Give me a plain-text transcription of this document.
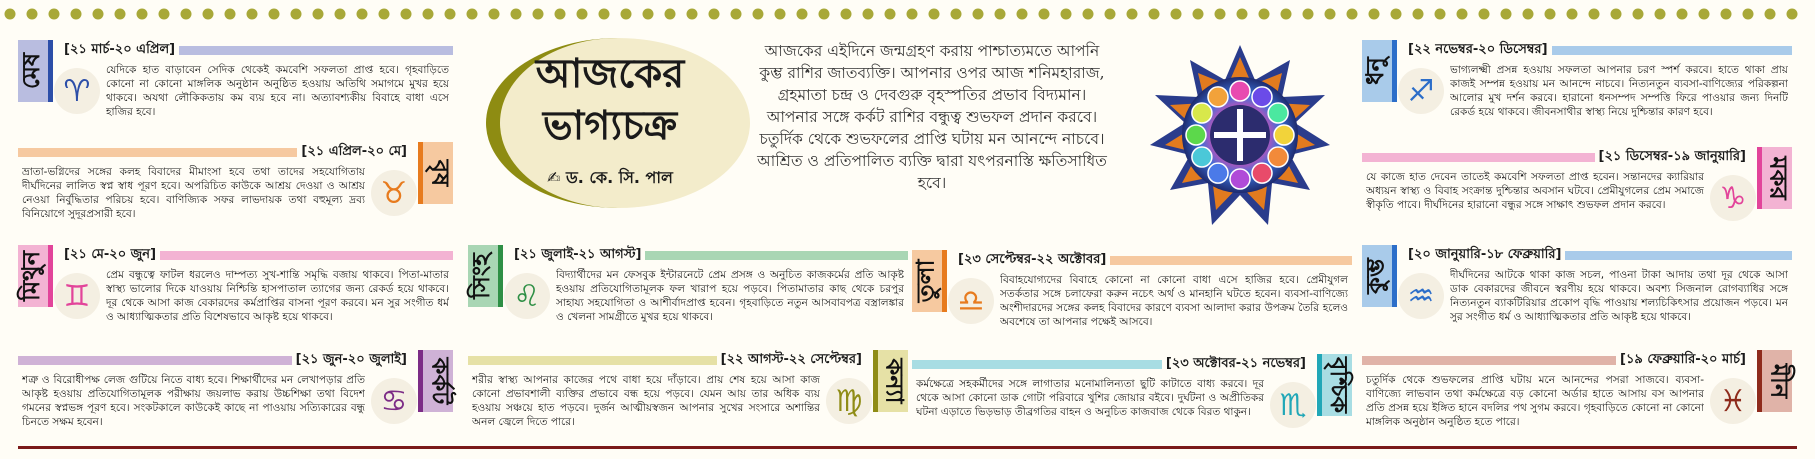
আজকের ভাগ্যচক্র
✍ ড. কে. সি. পাল
আজকের এইদিনে জন্মগ্রহণ করায় পাশ্চাত্যমতে আপনি কুম্ভ রাশির জাতব্যক্তি। আপনার ওপর আজ শনিমহারাজ, গ্রহমাতা চন্দ্র ও দেবগুরু বৃহস্পতির প্রভাব বিদ্যমান। আপনার সঙ্গে কর্কট রাশির বন্ধুত্ব শুভফল প্রদান করবে। চতুর্দিক থেকে শুভফলের প্রাপ্তি ঘটায় মন আনন্দে নাচবে। আশ্রিত ও প্রতিপালিত ব্যক্তি দ্বারা যৎপরনাস্তি ক্ষতিসাধিত হবে।
মেষ
[২১ মার্চ-২০ এপ্রিল]
♈
যেদিকে হাত বাড়াবেন সেদিক থেকেই কমবেশি সফলতা প্রাপ্ত হবে। গৃহবাড়িতে কোনো না কোনো মাঙ্গলিক অনুষ্ঠান অনুষ্ঠিত হওয়ায় অতিথি সমাগমে মুখর হয়ে থাকবে। অযথা লৌকিকতায় কম ব্যয় হবে না। অত্যাবশ্যকীয় বিবাহে বাধা এসে হাজির হবে।
বৃষ
[২১ এপ্রিল-২০ মে]
♉
ভ্রাতা-ভগ্নিদের সঙ্গের কলহ বিবাদের মীমাংসা হবে তথা তাদের সহযোগিতায় দীর্ঘদিনের লালিত স্বপ্ন স্বাধ পূরণ হবে। অপরিচিত কাউকে আশ্রয় দেওয়া ও আশ্রয় নেওয়া নির্বুদ্ধিতার পরিচয় হবে। বাণিজ্যিক সফর লাভদায়ক তথা বহুমূল্য দ্রব্য বিনিয়োগে সুদূরপ্রসারী হবে।
মিথুন	[২১ মে-২০ জুন]
♊
প্রেম বন্ধুত্বে ফাটল ধরলেও দাম্পত্য সুখ-শান্তি সমৃদ্ধি বজায় থাকবে। পিতা-মাতার স্বাস্থ্য ভালোর দিকে যাওয়ায় নিশ্চিন্তি হাসপাতাল ত্যাগের জন্য রেকর্ড হয়ে থাকবে। দূর থেকে আসা কাজ বেকারদের কর্মপ্রাপ্তির বাসনা পূরণ করবে। মন সুর সংগীত ধর্ম ও আধ্যাত্মিকতার প্রতি বিশেষভাবে আকৃষ্ট হয়ে থাকবে।
কর্কট
[২১ জুন-২০ জুলাই]
♋
শত্রু ও বিরোধীপক্ষ লেজ গুটিয়ে নিতে বাধ্য হবে। শিক্ষার্থীদের মন লেখাপড়ার প্রতি আকৃষ্ট হওয়ায় প্রতিযোগিতামূলক পরীক্ষায় জয়লাভ করায় উচ্চশিক্ষা তথা বিদেশ গমনের স্বপ্নভঙ্গ পূরণ হবে। সংকটকালে কাউকেই কাছে না পাওয়ায় সত্যিকারের বন্ধু চিনতে সক্ষম হবেন।
সিংহ	[২১ জুলাই-২১ আগস্ট]
♌
বিদ্যার্থীদের মন ফেসবুক ইন্টারনেটে প্রেম প্রসঙ্গ ও অনুচিত কাজকর্মের প্রতি আকৃষ্ট হওয়ায় প্রতিযোগিতামূলক ফল খারাপ হয়ে পড়বে। পিতামাতার কাছ থেকে চরপুর সাহায্য সহযোগিতা ও আশীর্বাদপ্রাপ্ত হবেন। গৃহবাড়িতে নতুন আসবাবপত্র বস্ত্রালঙ্কার ও খেলনা সামগ্রীতে মুখর হয়ে থাকবে।
কন্যা
[২২ আগস্ট-২২ সেপ্টেম্বর]
♍
শরীর স্বাস্থ্য আপনার কাজের পথে বাধা হয়ে দাঁড়াবে। প্রায় শেষ হয়ে আসা কাজ কোনো প্রভাবশালী ব্যক্তির প্রভাবে বন্ধ হয়ে পড়বে। যেমন আয় তার অধিক ব্যয় হওয়ায় সঞ্চয়ে হাত পড়বে। দুর্জন আত্মীয়স্বজন আপনার সুখের সংসারে অশান্তির অনল জ্বেলে দিতে পারে।
তুলা
[২৩ সেপ্টেম্বর-২২ অক্টোবর]
♎
বিবাহযোগ্যদের বিবাহে কোনো না কোনো বাধা এসে হাজির হবে। প্রেমীযুগল সতর্কতার সঙ্গে চলাফেরা করুন নচেৎ অর্থ ও মানহানি ঘটতে হবেন। ব্যবসা-বাণিজ্যে অংশীদারদের সঙ্গের কলহ বিবাদের কারণে ব্যবসা আলাদা করার উপক্রম তৈরি হলেও অবশেষে তা আপনার পক্ষেই আসবে।
বৃশ্চিক
[২৩ অক্টোবর-২১ নভেম্বর]
♏
কর্মক্ষেত্রে সহকর্মীদের সঙ্গে লাগাতার মনোমালিন্যতা ছুটি কাটাতে বাধ্য করবে। দূর থেকে আসা কোনো ডাক গোটা পরিবারে খুশির জোয়ার বইবে। দুর্ঘটনা ও অপ্রীতিকর ঘটনা এড়াতে ভিড়ভাড় তীব্রগতির বাহন ও অনুচিত কাজবাজ থেকে বিরত থাকুন।
ধনু
[২২ নভেম্বর-২০ ডিসেম্বর]
♐
ভাগ্যলক্ষ্মী প্রসন্ন হওয়ায় সফলতা আপনার চরণ স্পর্শ করবে। হাতে থাকা প্রায় কাজই সম্পন্ন হওয়ায় মন আনন্দে নাচবে। নিত্যনতুন ব্যবসা-বাণিজ্যের পরিকল্পনা আলোর মুখ দর্শন করবে। হারানো ধনসম্পদ সম্পত্তি ফিরে পাওয়ার জন্য দিনটি রেকর্ড হয়ে থাকবে। জীবনসাথীর স্বাস্থ্য নিয়ে দুশ্চিন্তার কারণ হবে।
মকর
[২১ ডিসেম্বর-১৯ জানুয়ারি]
♑
যে কাজে হাত দেবেন তাতেই কমবেশি সফলতা প্রাপ্ত হবেন। সন্তানদের ক্যারিয়ার অধ্যয়ন স্বাস্থ্য ও বিবাহ সংক্রান্ত দুশ্চিন্তার অবসান ঘটবে। প্রেমীযুগলের প্রেম সমাজে স্বীকৃতি পাবে। দীর্ঘদিনের হারানো বন্ধুর সঙ্গে সাক্ষাৎ শুভফল প্রদান করবে।
কুম্ভ
[২০ জানুয়ারি-১৮ ফেব্রুয়ারি]
♒
দীর্ঘদিনের আটকে থাকা কাজ সচল, পাওনা টাকা আদায় তথা দূর থেকে আসা ডাক বেকারদের জীবনে স্বরণীয় হয়ে থাকবে। অবশ্য সিজনাল রোগব্যাধির সঙ্গে নিত্যনতুন ব্যাকটিরিয়ার প্রকোপ বৃদ্ধি পাওয়ায় শল্যচিকিৎসার প্রয়োজন পড়বে। মন সুর সংগীত ধর্ম ও আধ্যাত্মিকতার প্রতি আকৃষ্ট হয়ে থাকবে।
মীন
[১৯ ফেব্রুয়ারি-২০ মার্চ]
♓
চতুর্দিক থেকে শুভফলের প্রাপ্তি ঘটায় মনে আনন্দের পসরা সাজবে। ব্যবসা-বাণিজ্যে লাভবান তথা কর্মক্ষেত্রে বড় কোনো অর্ডার হাতে আসায় বস আপনার প্রতি প্রসন্ন হয়ে ইঙ্গিত হানে বদলির পথ সুগম করবে। গৃহবাড়িতে কোনো না কোনো মাঙ্গলিক অনুষ্ঠান অনুষ্ঠিত হতে পারে।
